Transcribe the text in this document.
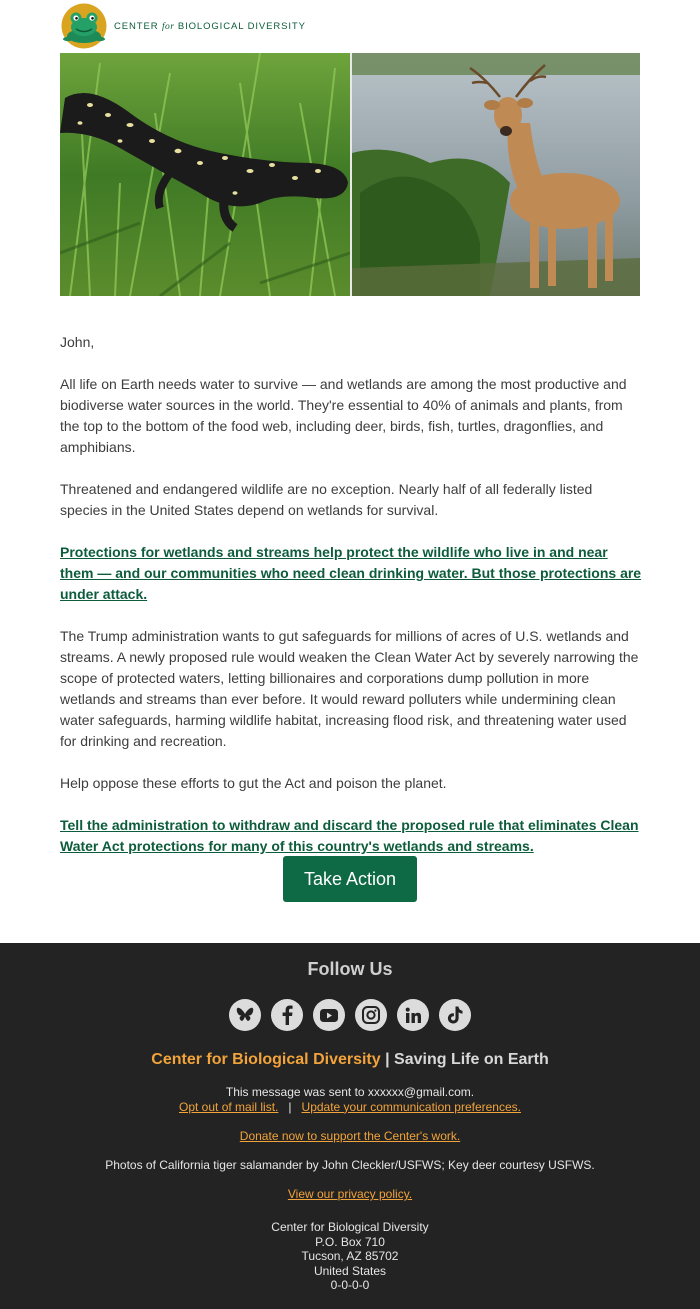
CENTER for BIOLOGICAL DIVERSITY

John,

All life on Earth needs water to survive — and wetlands are among the most productive and biodiverse water sources in the world. They're essential to 40% of animals and plants, from the top to the bottom of the food web, including deer, birds, fish, turtles, dragonflies, and amphibians.

Threatened and endangered wildlife are no exception. Nearly half of all federally listed species in the United States depend on wetlands for survival.

Protections for wetlands and streams help protect the wildlife who live in and near them — and our communities who need clean drinking water. But those protections are under attack.

The Trump administration wants to gut safeguards for millions of acres of U.S. wetlands and streams. A newly proposed rule would weaken the Clean Water Act by severely narrowing the scope of protected waters, letting billionaires and corporations dump pollution in more wetlands and streams than ever before. It would reward polluters while undermining clean water safeguards, harming wildlife habitat, increasing flood risk, and threatening water used for drinking and recreation.

Help oppose these efforts to gut the Act and poison the planet.

Tell the administration to withdraw and discard the proposed rule that eliminates Clean Water Act protections for many of this country's wetlands and streams.

Take Action
Follow Us
Center for Biological Diversity | Saving Life on Earth
This message was sent to xxxxxx@gmail.com.
Opt out of mail list. | Update your communication preferences.
Donate now to support the Center's work.
Photos of California tiger salamander by John Cleckler/USFWS; Key deer courtesy USFWS.
View our privacy policy.
Center for Biological Diversity
P.O. Box 710
Tucson, AZ 85702
United States
0-0-0-0
